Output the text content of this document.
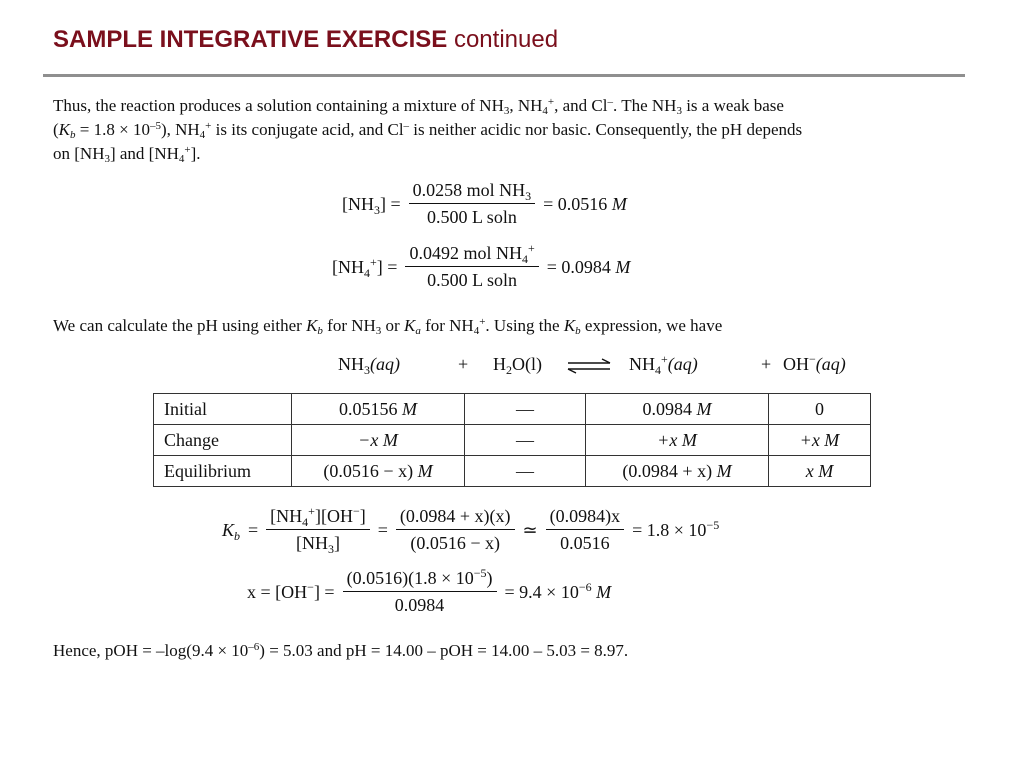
SAMPLE INTEGRATIVE EXERCISE continued
Thus, the reaction produces a solution containing a mixture of $NH_3$, $NH_4^+$, and Cl–. The $NH_3$ is a weak base
$(K_b = 1.8 \times 10^{-5})$, $NH_4^+$ is its conjugate acid, and Cl– is neither acidic nor basic. Consequently, the pH depends
on $[NH_3]$ and $[NH_4^+]$.
$[NH_3] = \frac{0.0258 mol NH_3}{\text{0.500 L soln}} = 0.0516$ M
$[NH_4^+] = \frac{0.0492 mol NH_4^+}{\text{0.500 L soln}} = 0.0984$ M
We can calculate the pH using either $K_b$ for $NH_3$ or $K_a$ for $NH_4^+$. Using the $K_b$ expression, we have
$NH_3(aq)$	+ $H_2O(l)$ ⇌ $NH_4^+(aq)$	+ OH−(aq)
Initial	0.05156 M	—	0.0984 M	0
Change	−x M	—	+x M	+x M
Equilibrium	(0.0516 − x) M	—	(0.0984 + x) M	x M
$K_b = \frac{[NH_4^+][OH^-]}{[NH_3]} = \frac{(0.0984 + x)(x)}{(0.0516 - x)}$ ≃ $\frac{(0.0984)x}{0.0516} = 1.8 \times 10^{-5}$
$x = [OH^-] = \frac{(0.0516)(1.8 \times 10^{-5})}{0.0984} = 9.4 \times 10^{-6}$ M
Hence, pOH = $-\log(9.4 \times 10^{-6}) = 5.03$ and pH = 14.00 – pOH = 14.00 – 5.03 = 8.97.
